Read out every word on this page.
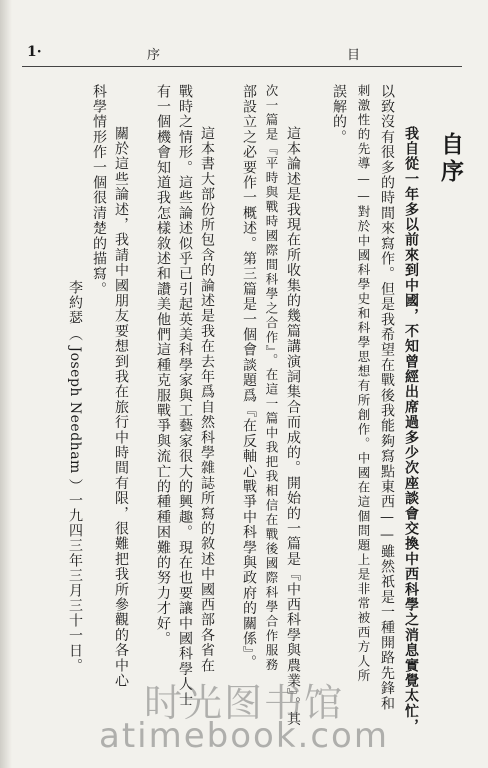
1·	序	目
自序
我自從一年多以前來到中國，不知曾經出席過多少次座談會交換中西科學之消息實覺太忙，
以致沒有很多的時間來寫作。但是我希望在戰後我能夠寫點東西——雖然祇是一種開路先鋒和
刺激性的先導——對於中國科學史和科學思想有所創作。中國在這個問題上是非常被西方人所
誤解的。
這本論述是我現在所收集的幾篇講演詞集合而成的。開始的一篇是『中西科學與農業』。其
次一篇是『平時與戰時國際間科學之合作』。在這一篇中我把我相信在戰後國際科學合作服務
部設立之必要作一概述。第三篇是一個會談題爲『在反軸心戰爭中科學與政府的關係』。
這本書大部份所包含的論述是我在去年爲自然科學雜誌所寫的敘述中國西部各省在
戰時之情形。這些論述似乎已引起英美科學家與工藝家很大的興趣。現在也要讓中國科學人士
有一個機會知道我怎樣敘述和讚美他們這種克服戰爭與流亡的種種困難的努力才好。
關於這些論述，我請中國朋友要想到我在旅行中時間有限，很難把我所參觀的各中心
科學情形作一個很清楚的描寫。
李約瑟（ Joseph Needham ）一九四三年三月三十一日。
时光图书馆
atimebook.com
